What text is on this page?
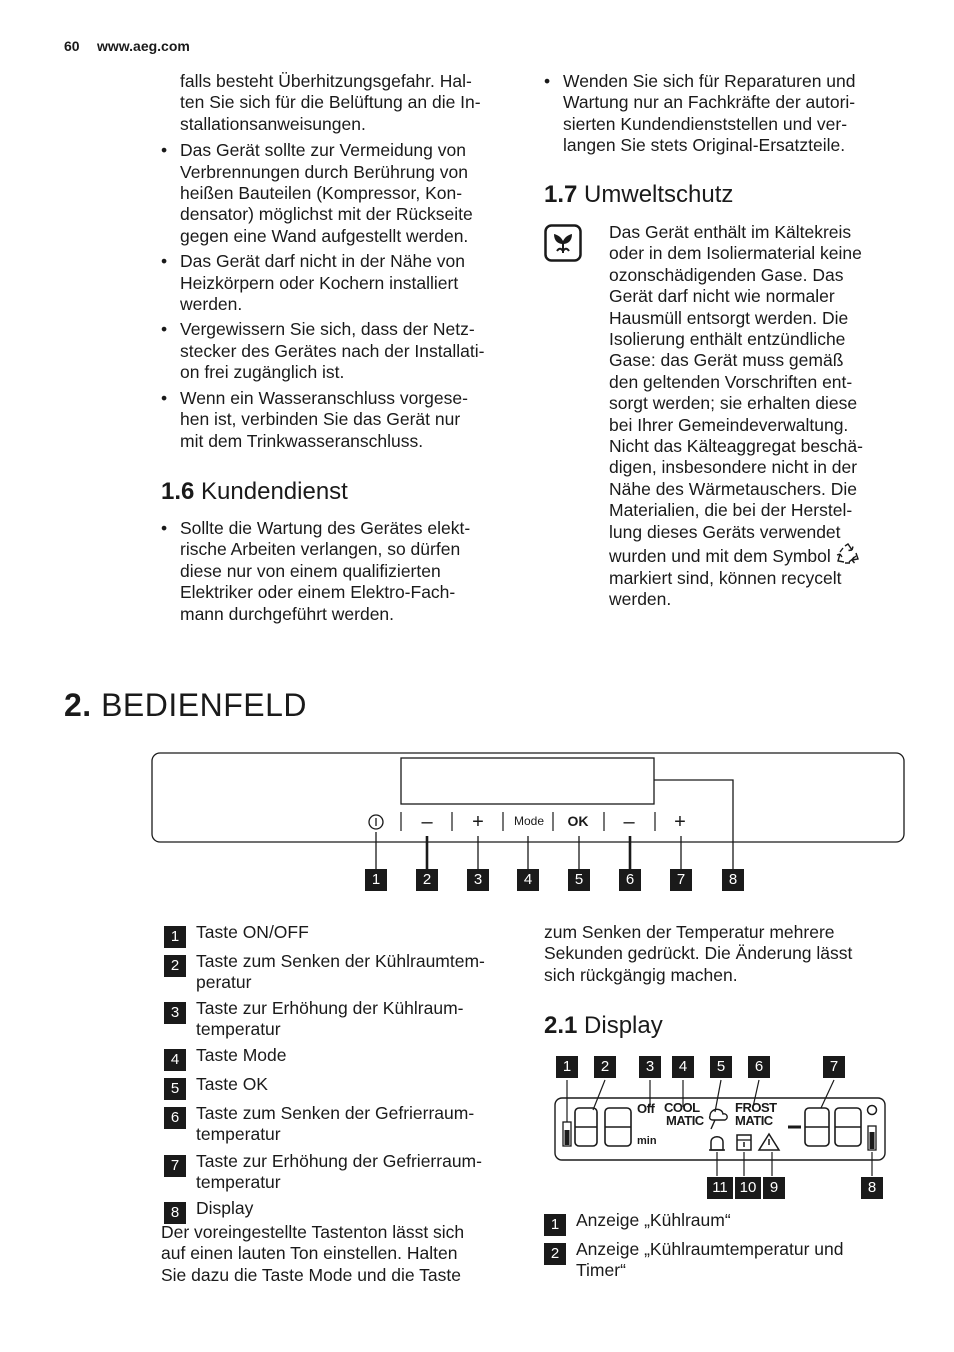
60 www.aeg.com

falls besteht Überhitzungsgefahr. Hal-
ten Sie sich für die Belüftung an die In-
stallationsanweisungen.

• Das Gerät sollte zur Vermeidung von
Verbrennungen durch Berührung von
heißen Bauteilen (Kompressor, Kon-
densator) möglichst mit der Rückseite
gegen eine Wand aufgestellt werden.
• Das Gerät darf nicht in der Nähe von
Heizkörpern oder Kochern installiert
werden.
• Vergewissern Sie sich, dass der Netz-
stecker des Gerätes nach der Installati-
on frei zugänglich ist.
• Wenn ein Wasseranschluss vorgese-
hen ist, verbinden Sie das Gerät nur
mit dem Trinkwasseranschluss.
1.6 Kundendienst
• Sollte die Wartung des Gerätes elekt-
rische Arbeiten verlangen, so dürfen
diese nur von einem qualifizierten
Elektriker oder einem Elektro-Fach-
mann durchgeführt werden.
• Wenden Sie sich für Reparaturen und
Wartung nur an Fachkräfte der autori-
sierten Kundendienststellen und ver-
langen Sie stets Original-Ersatzteile.
1.7 Umweltschutz
Das Gerät enthält im Kältekreis
oder in dem Isoliermaterial keine
ozonschädigenden Gase. Das
Gerät darf nicht wie normaler
Hausmüll entsorgt werden. Die
Isolierung enthält entzündliche
Gase: das Gerät muss gemäß
den geltenden Vorschriften ent-
sorgt werden; sie erhalten diese
bei Ihrer Gemeindeverwaltung.
Nicht das Kälteaggregat beschä-
digen, insbesondere nicht in der
Nähe des Wärmetauschers. Die
Materialien, die bei der Herstel-
lung dieses Geräts verwendet
wurden und mit dem Symbol
markiert sind, können recycelt
werden.
2. BEDIENFELD
–	+	Mode	OK	–	+
1	2	3	4	5	6	7	8
1 Taste ON/OFF
2 Taste zum Senken der Kühlraumtem-
peratur
3 Taste zur Erhöhung der Kühlraum-
temperatur
4 Taste Mode
5 Taste OK
6 Taste zum Senken der Gefrierraum-
temperatur
7 Taste zur Erhöhung der Gefrierraum-
temperatur
8 Display
Der voreingestellte Tastenton lässt sich
auf einen lauten Ton einstellen. Halten
Sie dazu die Taste Mode und die Taste
zum Senken der Temperatur mehrere
Sekunden gedrückt. Die Änderung lässt
sich rückgängig machen.
2.1 Display
Off COOL
MATIC
FROST
MATIC
min
1	2	3	4	5	6	7
11 10 9	8
1 Anzeige „Kühlraum“
2 Anzeige „Kühlraumtemperatur und
Timer“
